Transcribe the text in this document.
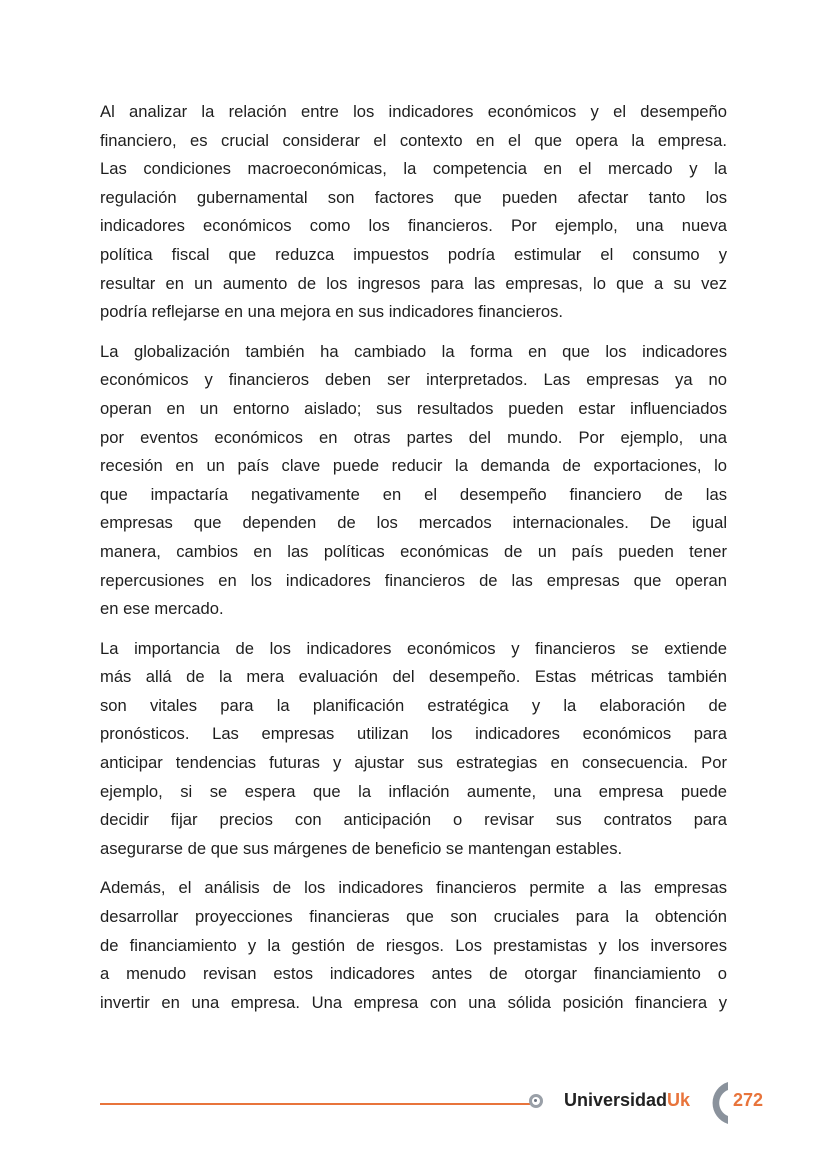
Al analizar la relación entre los indicadores económicos y el desempeño
financiero, es crucial considerar el contexto en el que opera la empresa.
Las condiciones macroeconómicas, la competencia en el mercado y la
regulación gubernamental son factores que pueden afectar tanto los
indicadores económicos como los financieros. Por ejemplo, una nueva
política fiscal que reduzca impuestos podría estimular el consumo y
resultar en un aumento de los ingresos para las empresas, lo que a su vez
podría reflejarse en una mejora en sus indicadores financieros.

La globalización también ha cambiado la forma en que los indicadores
económicos y financieros deben ser interpretados. Las empresas ya no
operan en un entorno aislado; sus resultados pueden estar influenciados
por eventos económicos en otras partes del mundo. Por ejemplo, una
recesión en un país clave puede reducir la demanda de exportaciones, lo
que impactaría negativamente en el desempeño financiero de las
empresas que dependen de los mercados internacionales. De igual
manera, cambios en las políticas económicas de un país pueden tener
repercusiones en los indicadores financieros de las empresas que operan
en ese mercado.

La importancia de los indicadores económicos y financieros se extiende
más allá de la mera evaluación del desempeño. Estas métricas también
son vitales para la planificación estratégica y la elaboración de
pronósticos. Las empresas utilizan los indicadores económicos para
anticipar tendencias futuras y ajustar sus estrategias en consecuencia. Por
ejemplo, si se espera que la inflación aumente, una empresa puede
decidir fijar precios con anticipación o revisar sus contratos para
asegurarse de que sus márgenes de beneficio se mantengan estables.

Además, el análisis de los indicadores financieros permite a las empresas
desarrollar proyecciones financieras que son cruciales para la obtención
de financiamiento y la gestión de riesgos. Los prestamistas y los inversores
a menudo revisan estos indicadores antes de otorgar financiamiento o
invertir en una empresa. Una empresa con una sólida posición financiera y

UniversidadUk 272
